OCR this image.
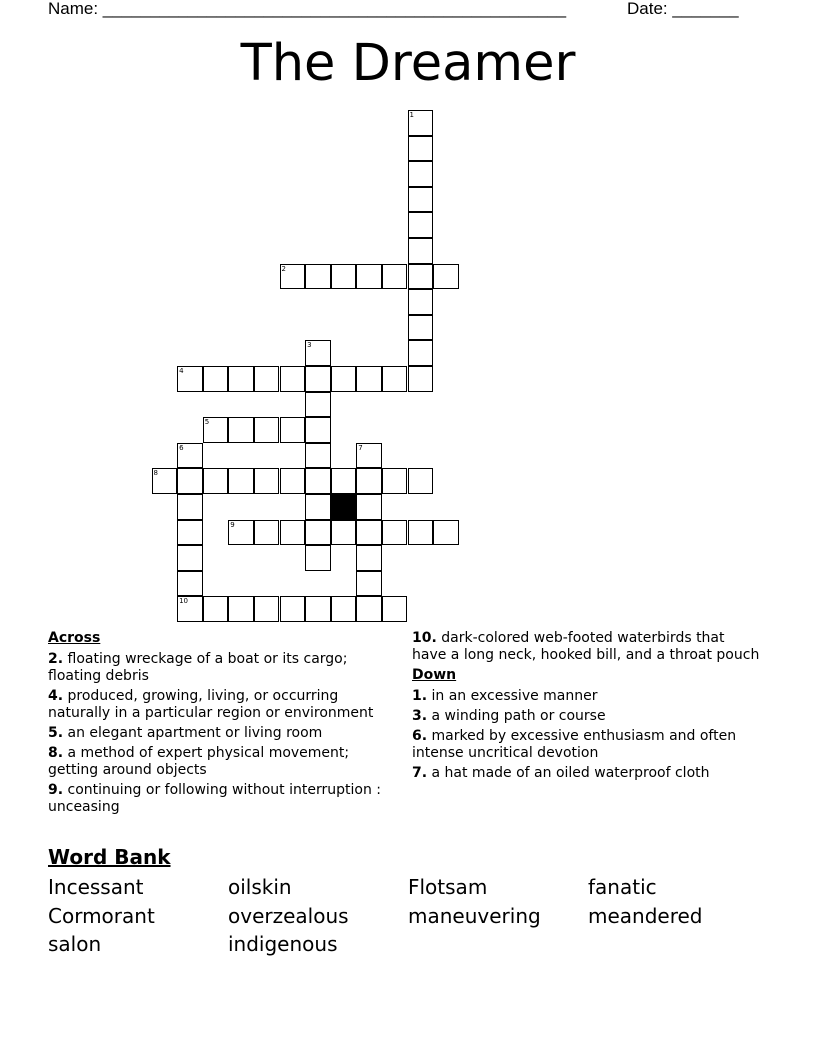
Name: _________________________________________________	Date: _______
The Dreamer
1
2
3
4
5
6	7
8
9
10
Across
2. floating wreckage of a boat or its cargo; floating debris
4. produced, growing, living, or occurring naturally in a particular region or environment
5. an elegant apartment or living room
8. a method of expert physical movement; getting around objects
9. continuing or following without interruption : unceasing
10. dark-colored web-footed waterbirds that have a long neck, hooked bill, and a throat pouch
Down
1. in an excessive manner
3. a winding path or course
6. marked by excessive enthusiasm and often intense uncritical devotion
7. a hat made of an oiled waterproof cloth
Word Bank
Incessant	oilskin	Flotsam	fanatic
Cormorant	overzealous	maneuvering	meandered
salon	indigenous
